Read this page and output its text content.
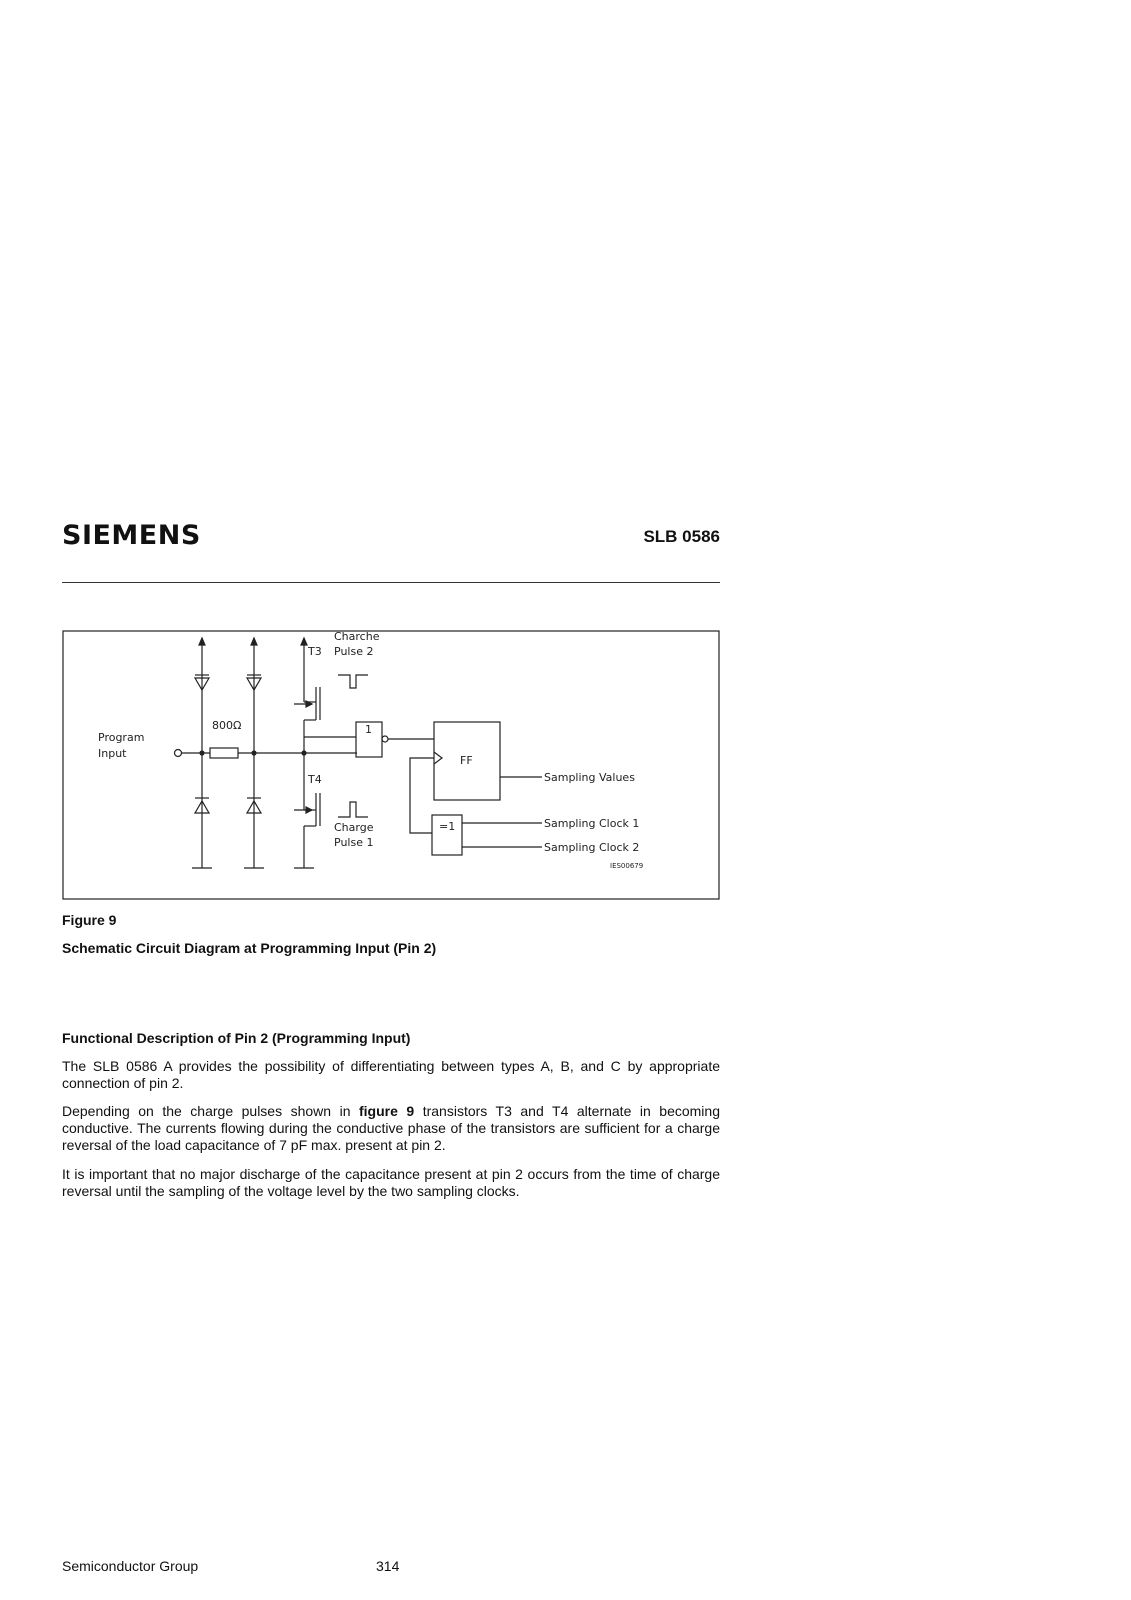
SIEMENS	SLB 0586
Program
Input
800Ω
T3
T4
Charche
Pulse 2
Charge
Pulse 1
1
FF
=1
Sampling Values
Sampling Clock 1
Sampling Clock 2
IES00679
Figure 9
Schematic Circuit Diagram at Programming Input (Pin 2)
Functional Description of Pin 2 (Programming Input)
The SLB 0586 A provides the possibility of differentiating between types A, B, and C by appropriate connection of pin 2.
Depending on the charge pulses shown in figure 9 transistors T3 and T4 alternate in becoming conductive. The currents flowing during the conductive phase of the transistors are sufficient for a charge reversal of the load capacitance of 7 pF max. present at pin 2.
It is important that no major discharge of the capacitance present at pin 2 occurs from the time of charge reversal until the sampling of the voltage level by the two sampling clocks.
Semiconductor Group	314
